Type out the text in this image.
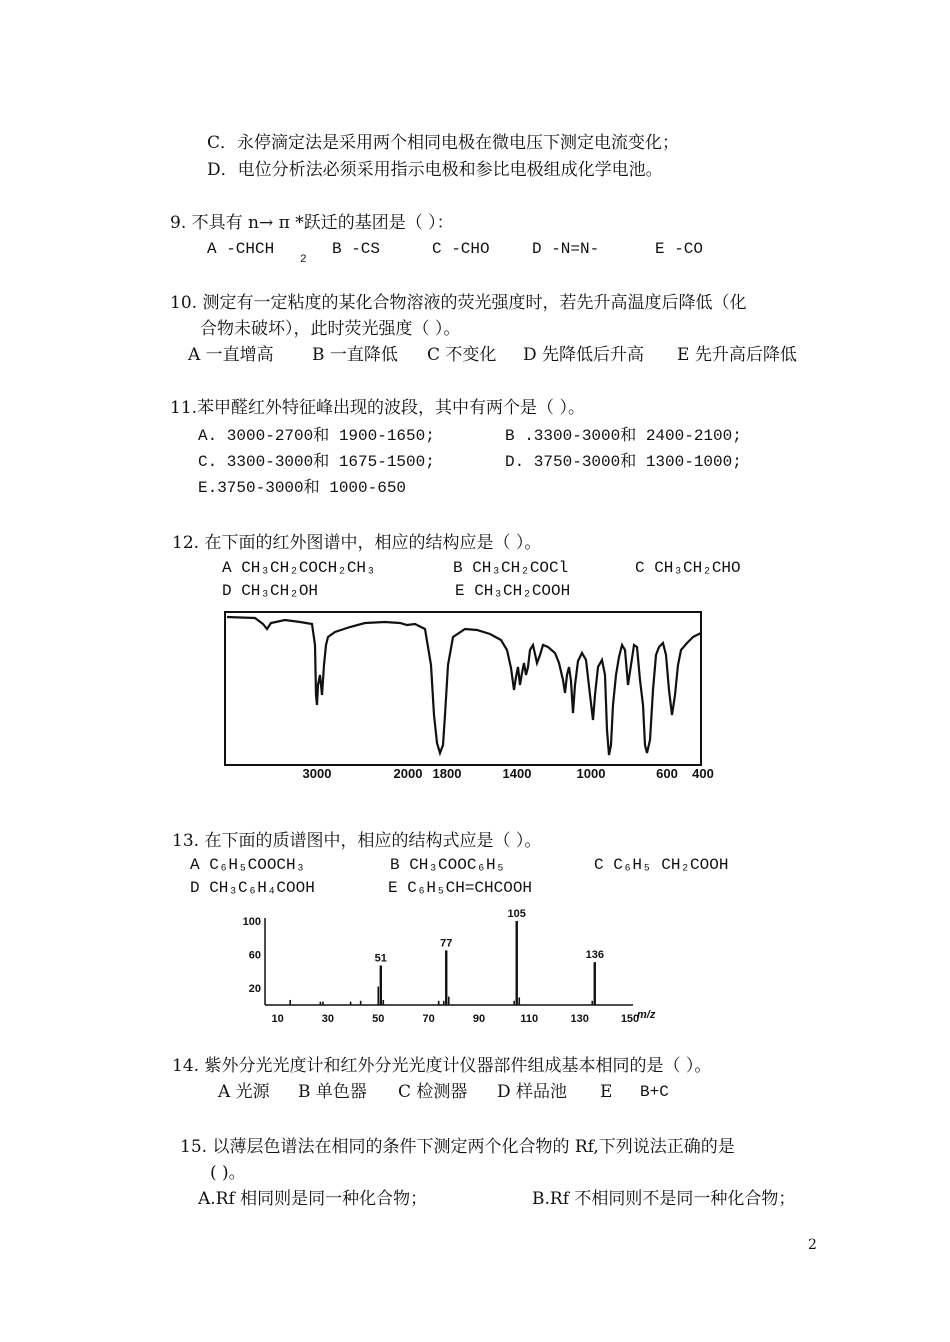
C．永停滴定法是采用两个相同电极在微电压下测定电流变化；
D．电位分析法必须采用指示电极和参比电极组成化学电池。
9. 不具有 n→ π *跃迁的基团是（ ）：
A -CHCH
2
B -CS	C -CHO	D -N=N-	E -CO
10. 测定有一定粘度的某化合物溶液的荧光强度时，若先升高温度后降低（化
合物未破坏），此时荧光强度（ ）。
A 一直增高 B 一直降低 C 不变化 D 先降低后升高 E 先升高后降低
11.苯甲醛红外特征峰出现的波段，其中有两个是（ ）。
A. 3000-2700和 1900-1650;	B .3300-3000和 2400-2100;
C. 3300-3000和 1675-1500;	D. 3750-3000和 1300-1000;
E.3750-3000和 1000-650
12. 在下面的红外图谱中，相应的结构应是（ ）。
A CH₃CH₂COCH₂CH₃	B CH₃CH₂COCl	C CH₃CH₂CHO
D CH₃CH₂OH	E CH₃CH₂COOH
3000	2000 1800	1400	1000	600 400
13. 在下面的质谱图中，相应的结构式应是（ ）。
A C₆H₅COOCH₃	B CH₃COOC₆H₅	C C₆H₅ CH₂COOH
D CH₃C₆H₄COOH	E C₆H₅CH=CHCOOH
51
77
105
136
10	30	50	70	90	110	130	150
20
60
100
m/z
14. 紫外分光光度计和红外分光光度计仪器部件组成基本相同的是（ ）。
A 光源 B 单色器 C 检测器 D 样品池 E B+C
15. 以薄层色谱法在相同的条件下测定两个化合物的 Rf,下列说法正确的是
( )。
A.Rf 相同则是同一种化合物；	B.Rf 不相同则不是同一种化合物；
2
